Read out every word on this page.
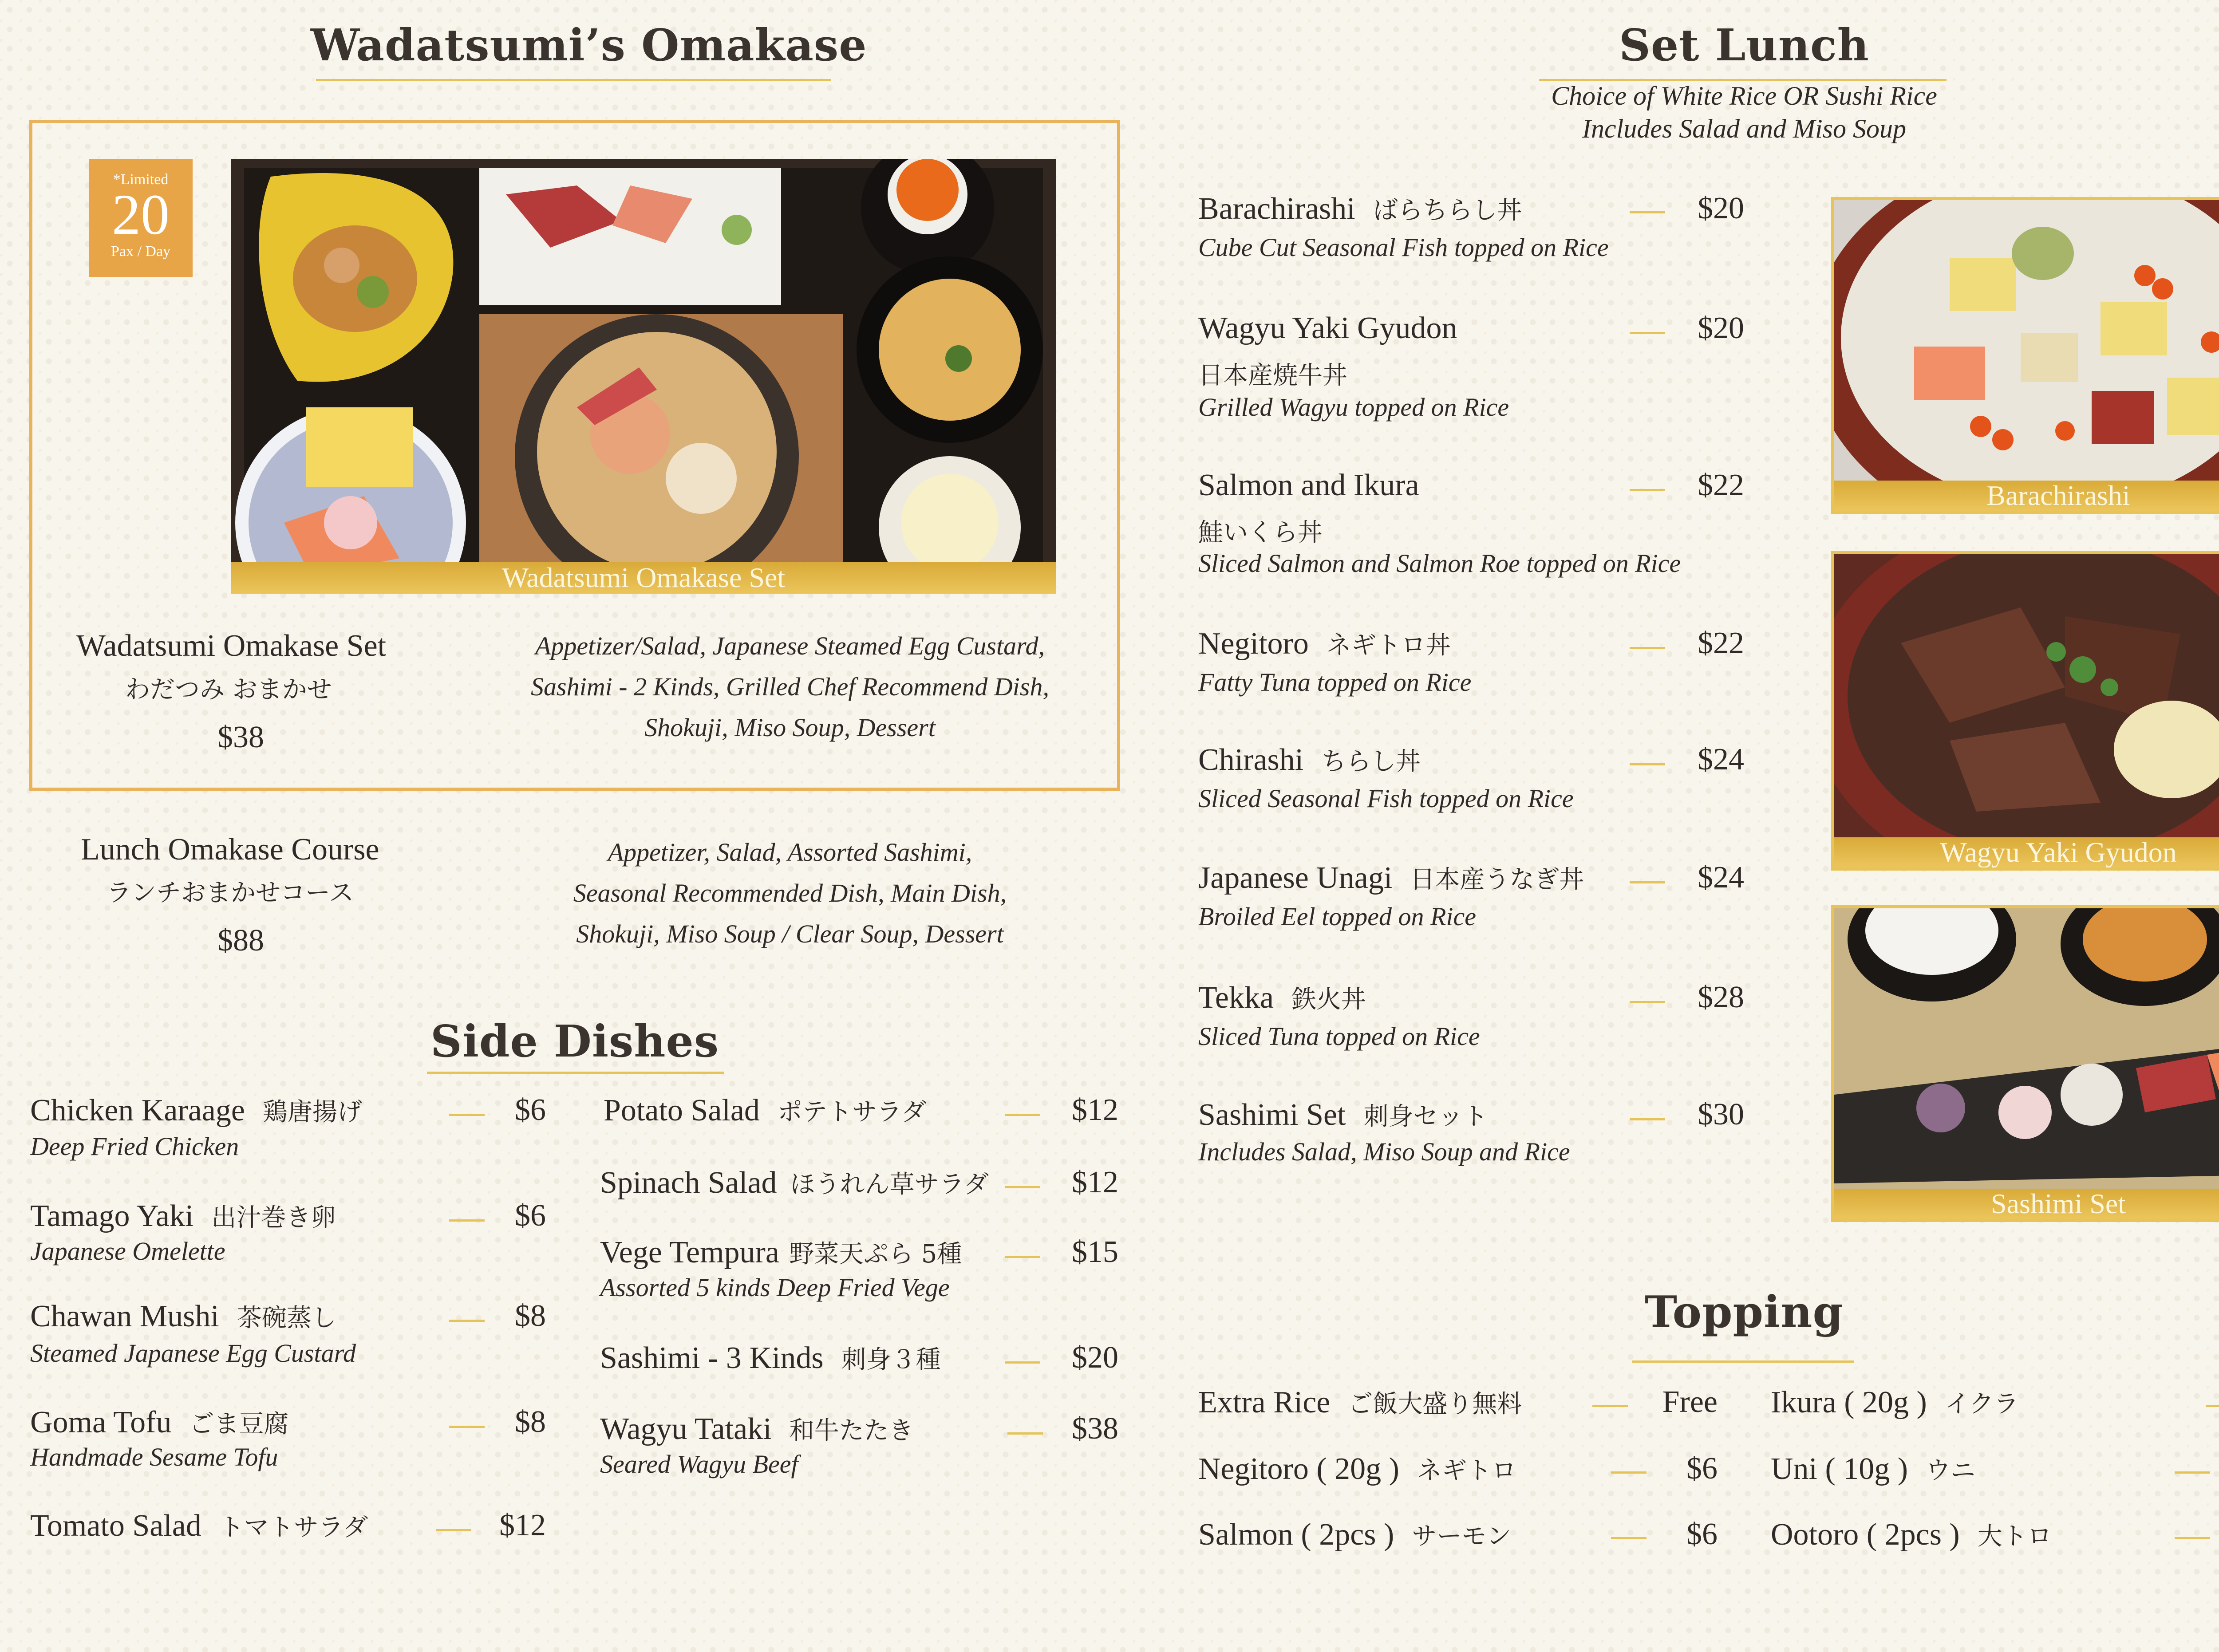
Wadatsumi’s Omakase
*Limited
20
Pax / Day
Wadatsumi Omakase Set
Wadatsumi Omakase Set
わだつみ おまかせ
$38
Appetizer/Salad, Japanese Steamed Egg Custard,
Sashimi - 2 Kinds, Grilled Chef Recommend Dish,
Shokuji, Miso Soup, Dessert
Lunch Omakase Course
ランチおまかせコース
$88
Appetizer, Salad, Assorted Sashimi,
Seasonal Recommended Dish, Main Dish,
Shokuji, Miso Soup / Clear Soup, Dessert
Side Dishes
Chicken Karaage 鶏唐揚げ
Deep Fried Chicken
$6
Tamago Yaki 出汁巻き卵
Japanese Omelette
$6
Chawan Mushi 茶碗蒸し
Steamed Japanese Egg Custard
$8
Goma Tofu ごま豆腐
Handmade Sesame Tofu
$8
Tomato Salad トマトサラダ	$12
Potato Salad ポテトサラダ	$12
Spinach Salad ほうれん草サラダ	$12
Vege Tempura 野菜天ぷら 5種
Assorted 5 kinds Deep Fried Vege
$15
Sashimi - 3 Kinds 刺身３種	$20
Wagyu Tataki 和牛たたき
Seared Wagyu Beef
$38
Set Lunch
Choice of White Rice OR Sushi Rice
Includes Salad and Miso Soup
Barachirashi ばらちらし丼
Cube Cut Seasonal Fish topped on Rice
$20
Wagyu Yaki Gyudon
日本産焼牛丼
Grilled Wagyu topped on Rice
$20
Salmon and Ikura
鮭いくら丼
Sliced Salmon and Salmon Roe topped on Rice
$22
Negitoro ネギトロ丼
Fatty Tuna topped on Rice
$22
Chirashi ちらし丼
Sliced Seasonal Fish topped on Rice
$24
Japanese Unagi 日本産うなぎ丼
Broiled Eel topped on Rice
$24
Tekka 鉄火丼
Sliced Tuna topped on Rice
$28
Sashimi Set 刺身セット
Includes Salad, Miso Soup and Rice
$30
Barachirashi
Wagyu Yaki Gyudon
Sashimi Set
Topping
Extra Rice ご飯大盛り無料	Free
Negitoro ( 20g ) ネギトロ	$6
Salmon ( 2pcs ) サーモン	$6
Ikura ( 20g ) イクラ
Uni ( 10g ) ウニ
Ootoro ( 2pcs ) 大トロ
